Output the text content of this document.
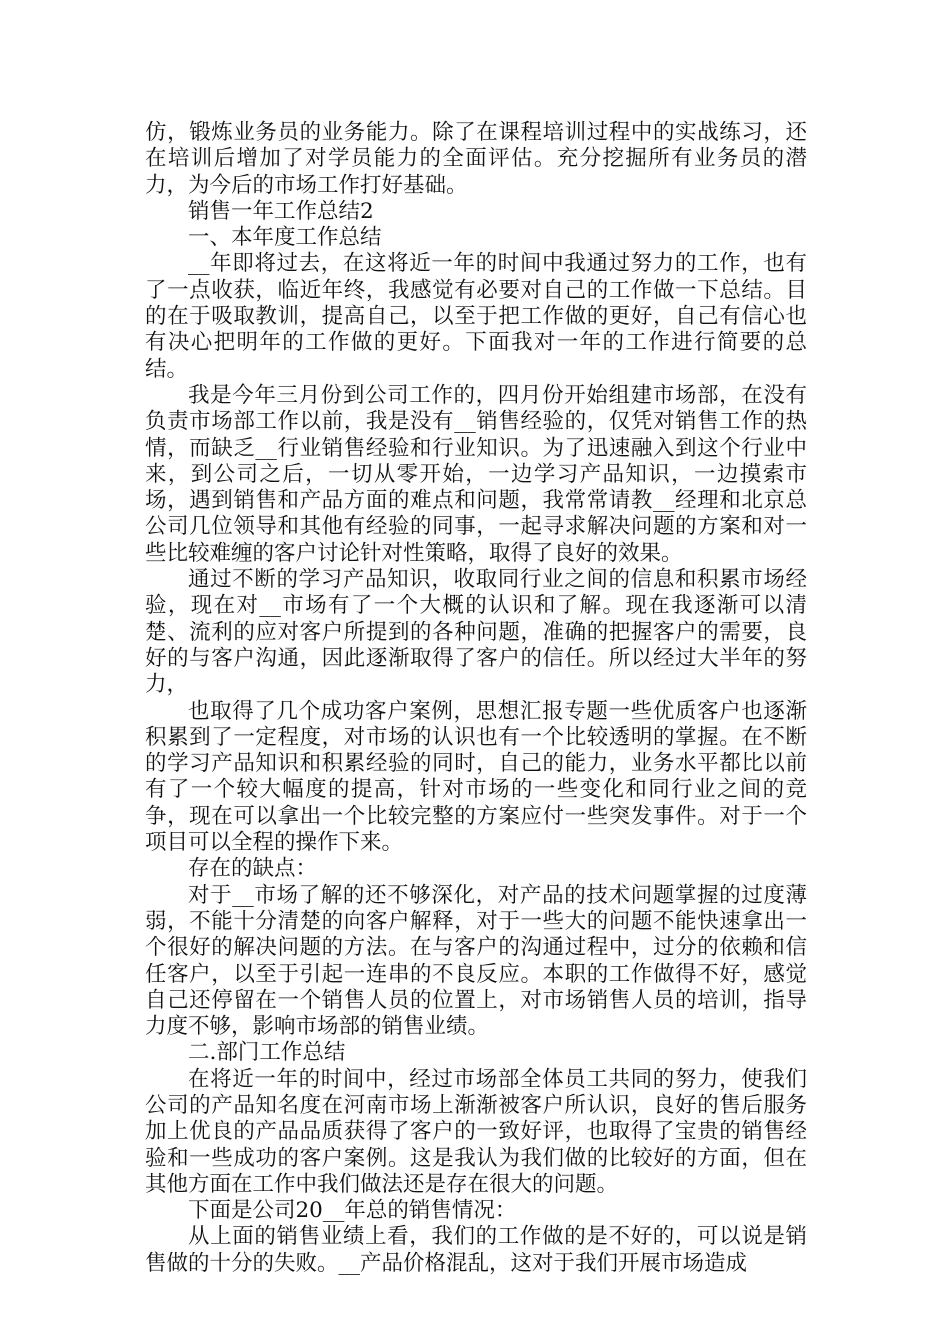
仿，锻炼业务员的业务能力。除了在课程培训过程中的实战练习，还在培训后增加了对学员能力的全面评估。充分挖掘所有业务员的潜力，为今后的市场工作打好基础。

销售一年工作总结2

一、本年度工作总结

__年即将过去，在这将近一年的时间中我通过努力的工作，也有了一点收获，临近年终，我感觉有必要对自己的工作做一下总结。目的在于吸取教训，提高自己，以至于把工作做的更好，自己有信心也有决心把明年的工作做的更好。下面我对一年的工作进行简要的总结。

我是今年三月份到公司工作的，四月份开始组建市场部，在没有负责市场部工作以前，我是没有__销售经验的，仅凭对销售工作的热情，而缺乏__行业销售经验和行业知识。为了迅速融入到这个行业中来，到公司之后，一切从零开始，一边学习产品知识，一边摸索市场，遇到销售和产品方面的难点和问题，我常常请教__经理和北京总公司几位领导和其他有经验的同事，一起寻求解决问题的方案和对一些比较难缠的客户讨论针对性策略，取得了良好的效果。

通过不断的学习产品知识，收取同行业之间的信息和积累市场经验，现在对__市场有了一个大概的认识和了解。现在我逐渐可以清楚、流利的应对客户所提到的各种问题，准确的把握客户的需要，良好的与客户沟通，因此逐渐取得了客户的信任。所以经过大半年的努力，

也取得了几个成功客户案例，思想汇报专题一些优质客户也逐渐积累到了一定程度，对市场的认识也有一个比较透明的掌握。在不断的学习产品知识和积累经验的同时，自己的能力，业务水平都比以前有了一个较大幅度的提高，针对市场的一些变化和同行业之间的竞争，现在可以拿出一个比较完整的方案应付一些突发事件。对于一个项目可以全程的操作下来。

存在的缺点：

对于__市场了解的还不够深化，对产品的技术问题掌握的过度薄弱，不能十分清楚的向客户解释，对于一些大的问题不能快速拿出一个很好的解决问题的方法。在与客户的沟通过程中，过分的依赖和信任客户，以至于引起一连串的不良反应。本职的工作做得不好，感觉自己还停留在一个销售人员的位置上，对市场销售人员的培训，指导力度不够，影响市场部的销售业绩。

二.部门工作总结

在将近一年的时间中，经过市场部全体员工共同的努力，使我们公司的产品知名度在河南市场上渐渐被客户所认识，良好的售后服务加上优良的产品品质获得了客户的一致好评，也取得了宝贵的销售经验和一些成功的客户案例。这是我认为我们做的比较好的方面，但在其他方面在工作中我们做法还是存在很大的问题。

下面是公司20__年总的销售情况：

从上面的销售业绩上看，我们的工作做的是不好的，可以说是销售做的十分的失败。__产品价格混乱，这对于我们开展市场造成
